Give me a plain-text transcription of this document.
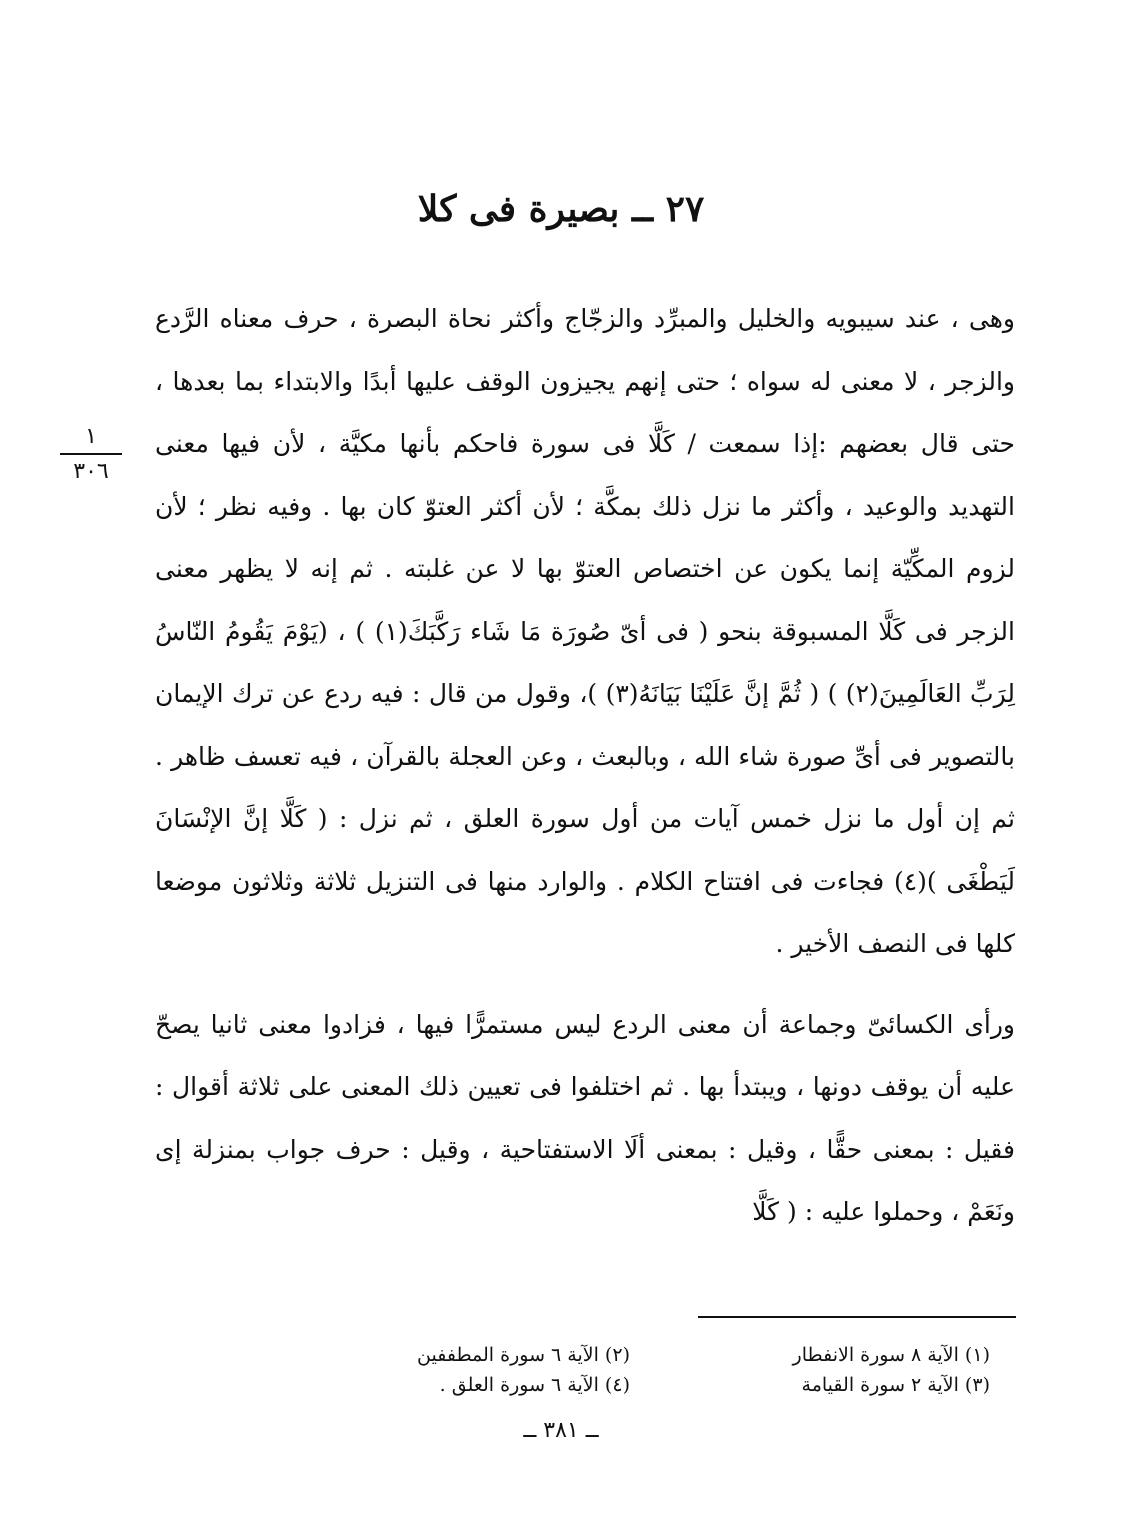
٢٧ ــ بصيرة فى كلا

وهى ، عند سيبويه والخليل والمبرِّد والزجّاج وأكثر نحاة البصرة ، حرف معناه الرَّدع والزجر ، لا معنى له سواه ؛ حتى إنهم يجيزون الوقف عليها أبدًا والابتداء بما بعدها ، حتى قال بعضهم :إذا سمعت / كَلَّا فى سورة فاحكم بأنها مكيَّة ، لأن فيها معنى التهديد والوعيد ، وأكثر ما نزل ذلك بمكَّة ؛ لأن أكثر العتوّ كان بها . وفيه نظر ؛ لأن لزوم المكِّيّة إنما يكون عن اختصاص العتوّ بها لا عن غلبته . ثم إنه لا يظهر معنى الزجر فى كَلَّا المسبوقة بنحو ( فى أىّ صُورَة مَا شَاء رَكَّبَكَ(١) ) ، (يَوْمَ يَقُومُ النّاسُ لِرَبِّ العَالَمِينَ(٢) ) ( ثُمَّ إنَّ عَلَيْنَا بَيَانَهُ(٣) )، وقول من قال : فيه ردع عن ترك الإيمان بالتصوير فى أىِّ صورة شاء الله ، وبالبعث ، وعن العجلة بالقرآن ، فيه تعسف ظاهر . ثم إن أول ما نزل خمس آيات من أول سورة العلق ، ثم نزل : ( كَلَّا إنَّ الإنْسَانَ لَيَطْغَى )(٤) فجاءت فى افتتاح الكلام . والوارد منها فى التنزيل ثلاثة وثلاثون موضعا كلها فى النصف الأخير .

ورأى الكسائىّ وجماعة أن معنى الردع ليس مستمرًّا فيها ، فزادوا معنى ثانيا يصحّ عليه أن يوقف دونها ، ويبتدأ بها . ثم اختلفوا فى تعيين ذلك المعنى على ثلاثة أقوال : فقيل : بمعنى حقًّا ، وقيل : بمعنى ألَا الاستفتاحية ، وقيل : حرف جواب بمنزلة إى ونَعَمْ ، وحملوا عليه : ( كَلَّا

١
٣٠٦
(١) الآية ٨ سورة الانفطار
(٣) الآية ٢ سورة القيامة
(٢) الآية ٦ سورة المطففين
(٤) الآية ٦ سورة العلق .
ــ ٣٨١ ــ
